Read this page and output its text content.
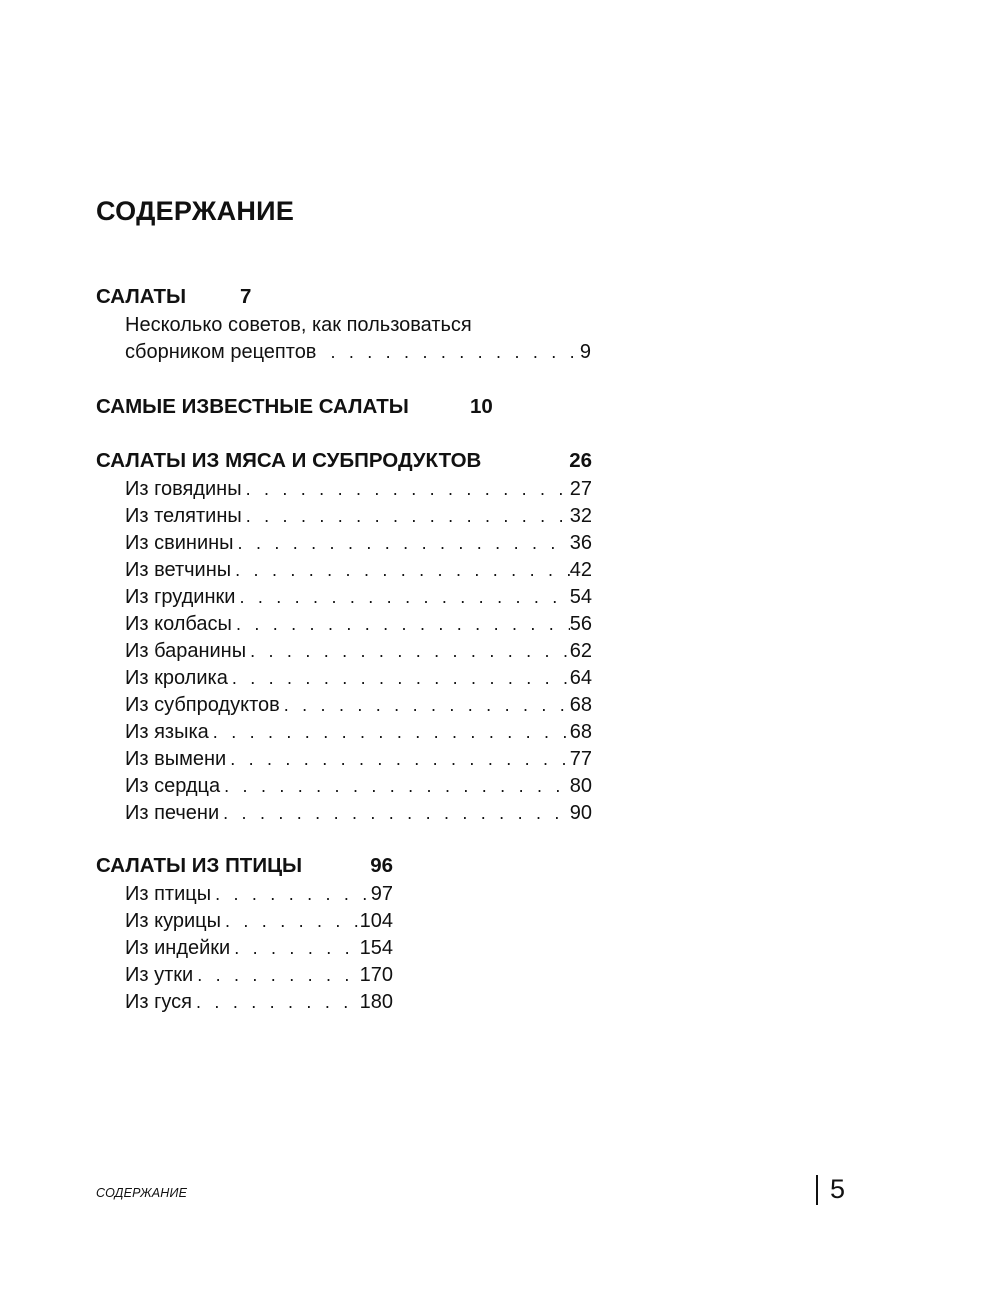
СОДЕРЖАНИЕ
САЛАТЫ	7
Несколько советов, как пользоваться
сборником рецептов . . .	9
САМЫЕ ИЗВЕСТНЫЕ САЛАТЫ	10
САЛАТЫ ИЗ МЯСА И СУБПРОДУКТОВ	26
Из говядины . . .	27
Из телятины . . .	32
Из свинины . . .	36
Из ветчины . . .	42
Из грудинки . . .	54
Из колбасы . . .	56
Из баранины . . .	62
Из кролика . . .	64
Из субпродуктов . . .	68
Из языка . . .	68
Из вымени . . .	77
Из сердца . . .	80
Из печени . . .	90
САЛАТЫ ИЗ ПТИЦЫ	96
Из птицы . . .	97
Из курицы . . .	104
Из индейки . . .	154
Из утки . . .	170
Из гуся . . .	180
СОДЕРЖАНИЕ	5
